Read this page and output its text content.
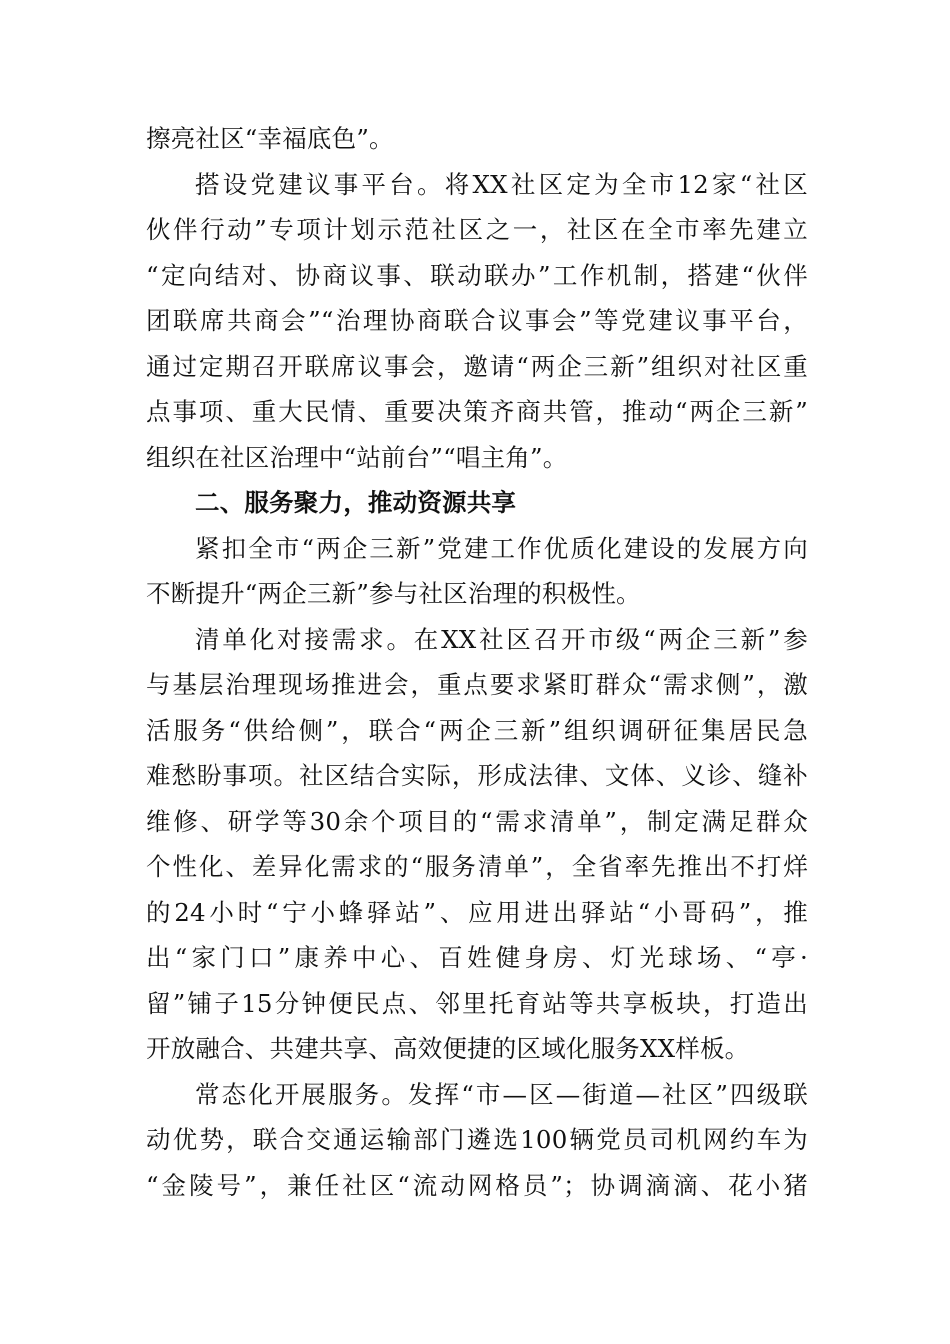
擦亮社区“幸福底色”。
搭设党建议事平台。将XX社区定为全市12家“社区
伙伴行动”专项计划示范社区之一，社区在全市率先建立
“定向结对、协商议事、联动联办”工作机制，搭建“伙伴
团联席共商会”“治理协商联合议事会”等党建议事平台，
通过定期召开联席议事会，邀请“两企三新”组织对社区重
点事项、重大民情、重要决策齐商共管，推动“两企三新”
组织在社区治理中“站前台”“唱主角”。
二、服务聚力，推动资源共享
紧扣全市“两企三新”党建工作优质化建设的发展方向
不断提升“两企三新”参与社区治理的积极性。
清单化对接需求。在XX社区召开市级“两企三新”参
与基层治理现场推进会，重点要求紧盯群众“需求侧”，激
活服务“供给侧”，联合“两企三新”组织调研征集居民急
难愁盼事项。社区结合实际，形成法律、文体、义诊、缝补
维修、研学等30余个项目的“需求清单”，制定满足群众
个性化、差异化需求的“服务清单”，全省率先推出不打烊
的24小时“宁小蜂驿站”、应用进出驿站“小哥码”，推
出“家门口”康养中心、百姓健身房、灯光球场、“亭·
留”铺子15分钟便民点、邻里托育站等共享板块，打造出
开放融合、共建共享、高效便捷的区域化服务XX样板。
常态化开展服务。发挥“市—区—街道—社区”四级联
动优势，联合交通运输部门遴选100辆党员司机网约车为
“金陵号”，兼任社区“流动网格员”；协调滴滴、花小猪
